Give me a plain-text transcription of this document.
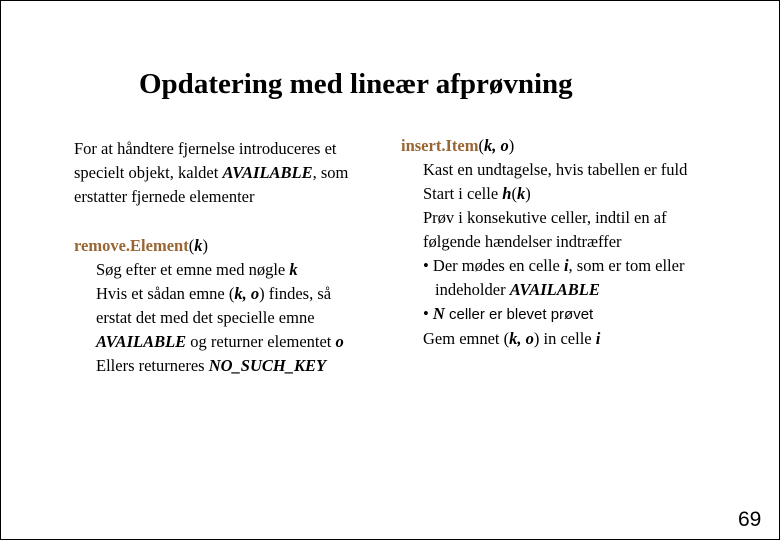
Opdatering med lineær afprøvning
For at håndtere fjernelse introduceres et
specielt objekt, kaldet AVAILABLE, som
erstatter fjernede elementer
remove.Element(k)
Søg efter et emne med nøgle k
Hvis et sådan emne (k, o) findes, så
erstat det med det specielle emne
AVAILABLE og returner elementet o
Ellers returneres NO_SUCH_KEY
insert.Item(k, o)
Kast en undtagelse, hvis tabellen er fuld
Start i celle h(k)
Prøv i konsekutive celler, indtil en af
følgende hændelser indtræffer
• Der mødes en celle i, som er tom eller
indeholder AVAILABLE
• N celler er blevet prøvet
Gem emnet (k, o) in celle i
69
